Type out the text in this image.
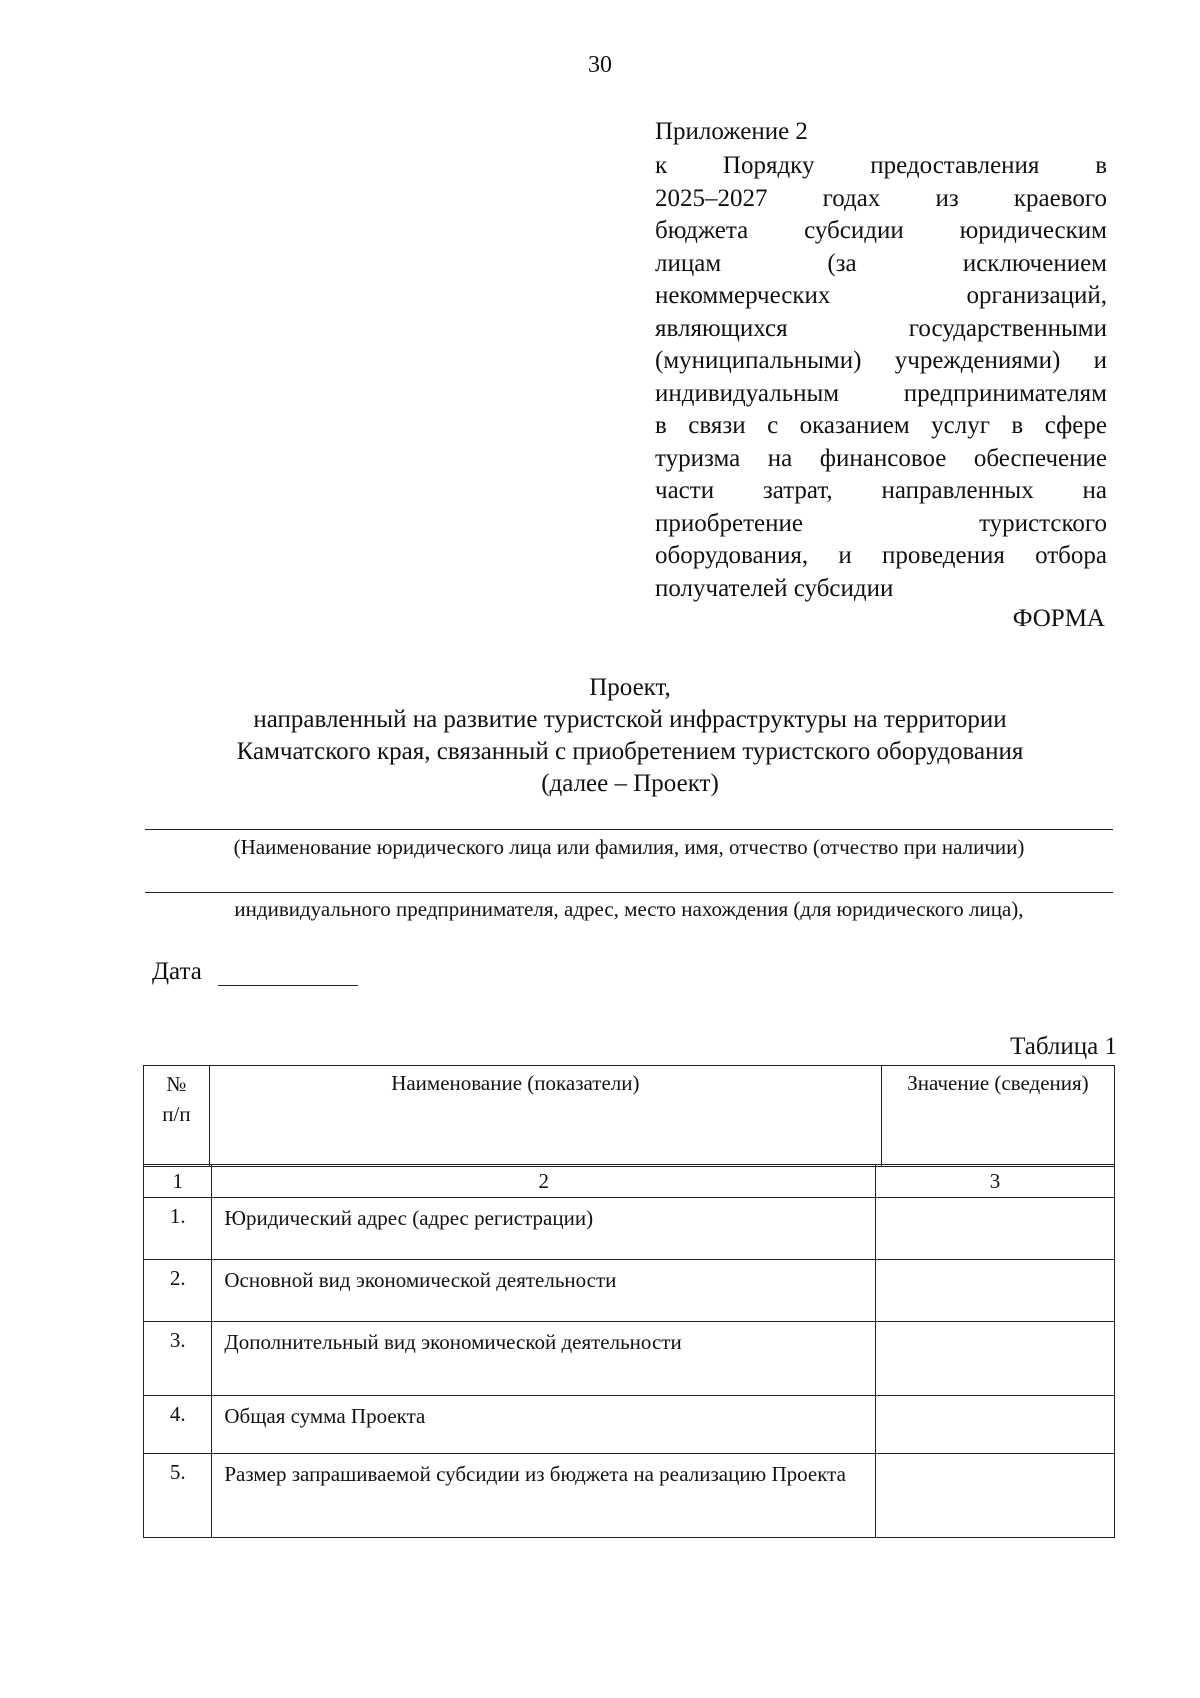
30
Приложение 2
к Порядку предоставления в
2025–2027 годах из краевого
бюджета субсидии юридическим
лицам (за исключением
некоммерческих организаций,
являющихся государственными
(муниципальными) учреждениями) и
индивидуальным предпринимателям
в связи с оказанием услуг в сфере
туризма на финансовое обеспечение
части затрат, направленных на
приобретение туристского
оборудования, и проведения отбора
получателей субсидии
ФОРМА
Проект,
направленный на развитие туристской инфраструктуры на территории
Камчатского края, связанный с приобретением туристского оборудования
(далее – Проект)
(Наименование юридического лица или фамилия, имя, отчество (отчество при наличии)
индивидуального предпринимателя, адрес, место нахождения (для юридического лица),
Дата
Таблица 1
№
п/п
	Наименование (показатели)	Значение (сведения)
1	2	3
1.	Юридический адрес (адрес регистрации)	
2.	Основной вид экономической деятельности	
3.	Дополнительный вид экономической деятельности	
4.	Общая сумма Проекта	
5.	Размер запрашиваемой субсидии из бюджета на реализацию Проекта	
